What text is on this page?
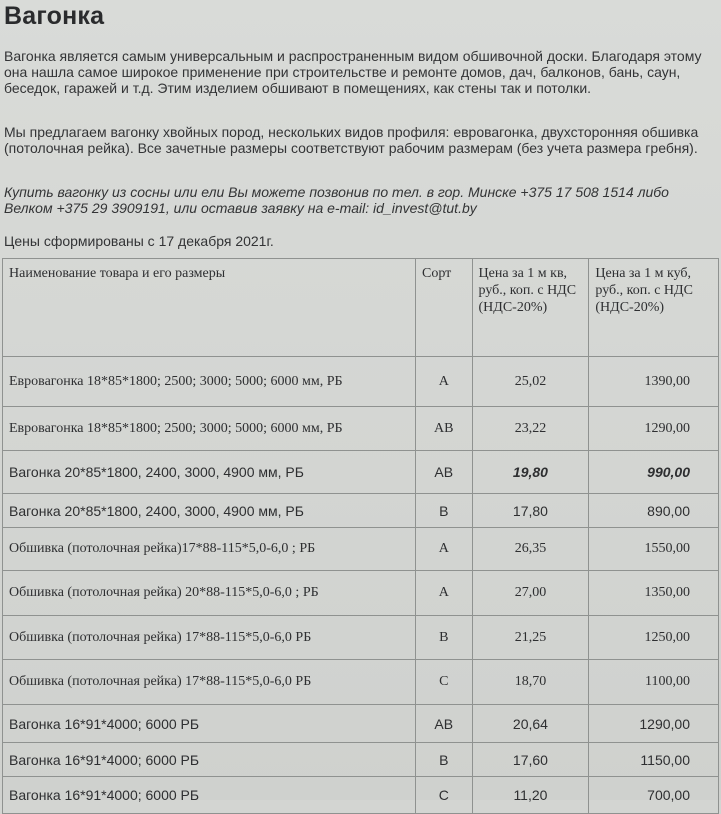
Вагонка

Вагонка является самым универсальным и распространенным видом обшивочной доски. Благодаря этому она нашла самое широкое применение при строительстве и ремонте домов, дач, балконов, бань, саун, беседок, гаражей и т.д. Этим изделием обшивают в помещениях, как стены так и потолки.

Мы предлагаем вагонку хвойных пород, нескольких видов профиля: евровагонка, двухсторонняя обшивка (потолочная рейка). Все зачетные размеры соответствуют рабочим размерам (без учета размера гребня).

Купить вагонку из сосны или ели Вы можете позвонив по тел. в гор. Минске +375 17 508 1514 либо Велком +375 29 3909191, или оставив заявку на e-mail: id_invest@tut.by

Цены сформированы с 17 декабря 2021г.

Наименование товара и его размеры	Сорт	Цена за 1 м кв, руб., коп. с НДС (НДС-20%)	Цена за 1 м куб, руб., коп. с НДС (НДС-20%)
Евровагонка 18*85*1800; 2500; 3000; 5000; 6000 мм, РБ	А	25,02	1390,00
Евровагонка 18*85*1800; 2500; 3000; 5000; 6000 мм, РБ	АВ	23,22	1290,00
Вагонка 20*85*1800, 2400, 3000, 4900 мм, РБ	АВ	19,80	990,00
Вагонка 20*85*1800, 2400, 3000, 4900 мм, РБ	В	17,80	890,00
Обшивка (потолочная рейка)17*88-115*5,0-6,0 ; РБ	А	26,35	1550,00
Обшивка (потолочная рейка) 20*88-115*5,0-6,0 ; РБ	А	27,00	1350,00
Обшивка (потолочная рейка) 17*88-115*5,0-6,0 РБ	В	21,25	1250,00
Обшивка (потолочная рейка) 17*88-115*5,0-6,0 РБ	С	18,70	1100,00
Вагонка 16*91*4000; 6000 РБ	АВ	20,64	1290,00
Вагонка 16*91*4000; 6000 РБ	В	17,60	1150,00
Вагонка 16*91*4000; 6000 РБ	С	11,20	700,00
